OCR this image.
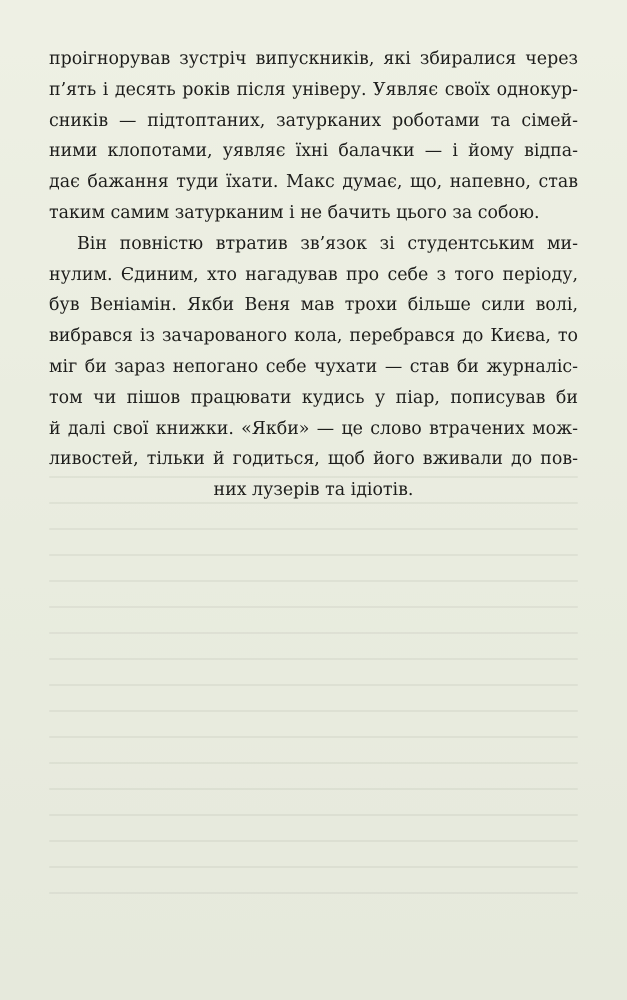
проігнорував зустріч випускників, які збиралися через
п’ять і десять років після універу. Уявляє своїх однокур-
сників — підтоптаних, затурканих роботами та сімей-
ними клопотами, уявляє їхні балачки — і йому відпа-
дає бажання туди їхати. Макс думає, що, напевно, став
таким самим затурканим і не бачить цього за собою.
Він повністю втратив зв’язок зі студентським ми-
нулим. Єдиним, хто нагадував про себе з того періоду,
був Веніамін. Якби Веня мав трохи більше сили волі,
вибрався із зачарованого кола, перебрався до Києва, то
міг би зараз непогано себе чухати — став би журналіс-
том чи пішов працювати кудись у піар, пописував би
й далі свої книжки. «Якби» — це слово втрачених мож-
ливостей, тільки й годиться, щоб його вживали до пов-
них лузерів та ідіотів.
